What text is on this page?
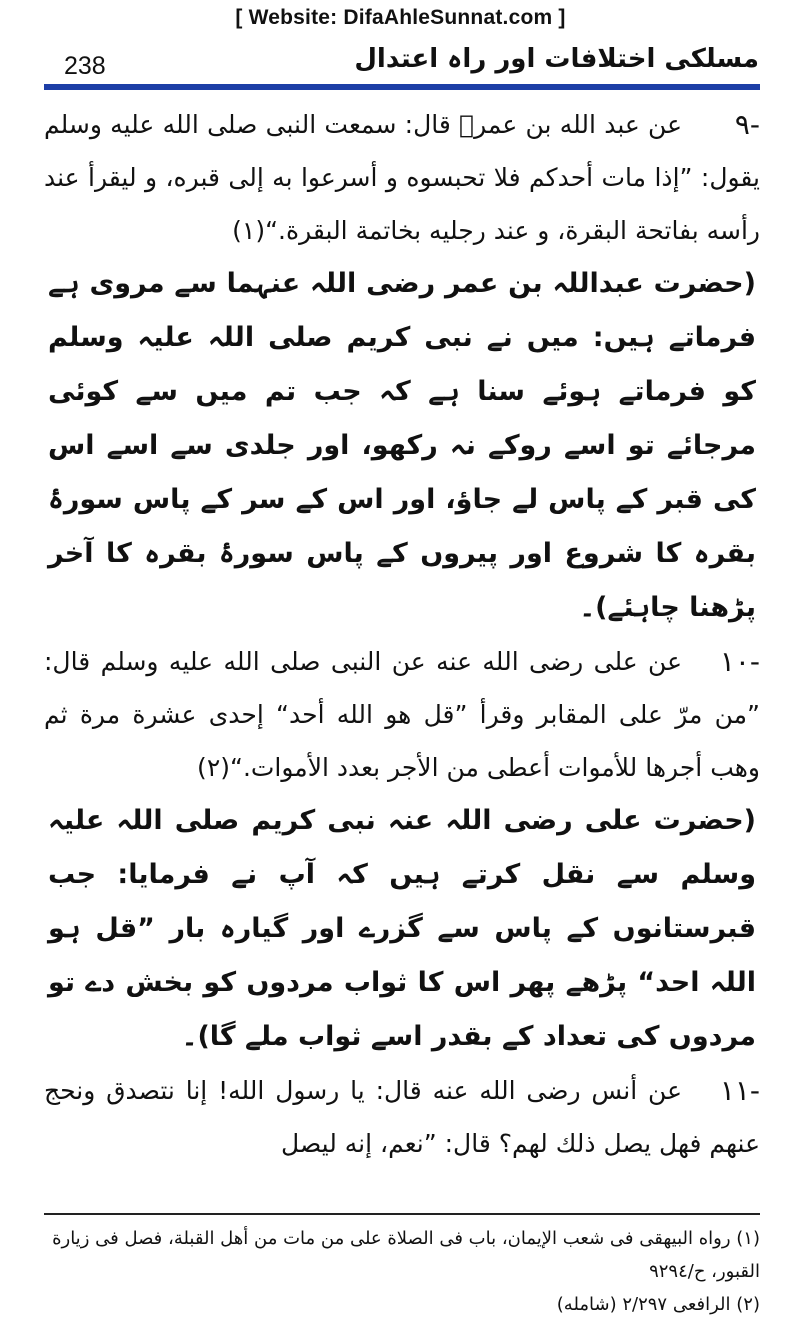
[ Website: DifaAhleSunnat.com ]
238	مسلکی اختلافات اور راہ اعتدال
-۹

عن عبد الله بن عمرؓ قال: سمعت النبی صلی الله علیه وسلم یقول: ”إذا مات أحدكم فلا تحبسوه و أسرعوا به إلی قبره، و لیقرأ عند رأسه بفاتحة البقرة، و عند رجلیه بخاتمة البقرة.“(١)

(حضرت عبداللہ بن عمر رضی اللہ عنہما سے مروی ہے فرماتے ہیں: میں نے نبی کریم صلی اللہ علیہ وسلم کو فرماتے ہوئے سنا ہے کہ جب تم میں سے کوئی مرجائے تو اسے روکے نہ رکھو، اور جلدی سے اسے اس کی قبر کے پاس لے جاؤ، اور اس کے سر کے پاس سورۂ بقرہ کا شروع اور پیروں کے پاس سورۂ بقرہ کا آخر پڑھنا چاہئے)۔

-١٠

عن علی رضی الله عنه عن النبی صلی الله علیه وسلم قال: ”من مرّ علی المقابر وقرأ ”قل هو الله أحد“ إحدی عشرة مرة ثم وهب أجرها للأموات أعطی من الأجر بعدد الأموات.“(٢)

(حضرت علی رضی اللہ عنہ نبی کریم صلی اللہ علیہ وسلم سے نقل کرتے ہیں کہ آپ نے فرمایا: جب قبرستانوں کے پاس سے گزرے اور گیارہ بار ”قل ہو اللہ احد“ پڑھے پھر اس کا ثواب مردوں کو بخش دے تو مردوں کی تعداد کے بقدر اسے ثواب ملے گا)۔

-١١

عن أنس رضی الله عنه قال: یا رسول الله! إنا نتصدق ونحج عنهم فهل یصل ذلك لهم؟ قال: ”نعم، إنه لیصل

(١) رواه البیهقی فی شعب الإیمان، باب فی الصلاة علی من مات من أهل القبلة، فصل فی زیارة القبور، ح/٩٢٩٤

(٢) الرافعی ٢/٢٩٧ (شامله)
